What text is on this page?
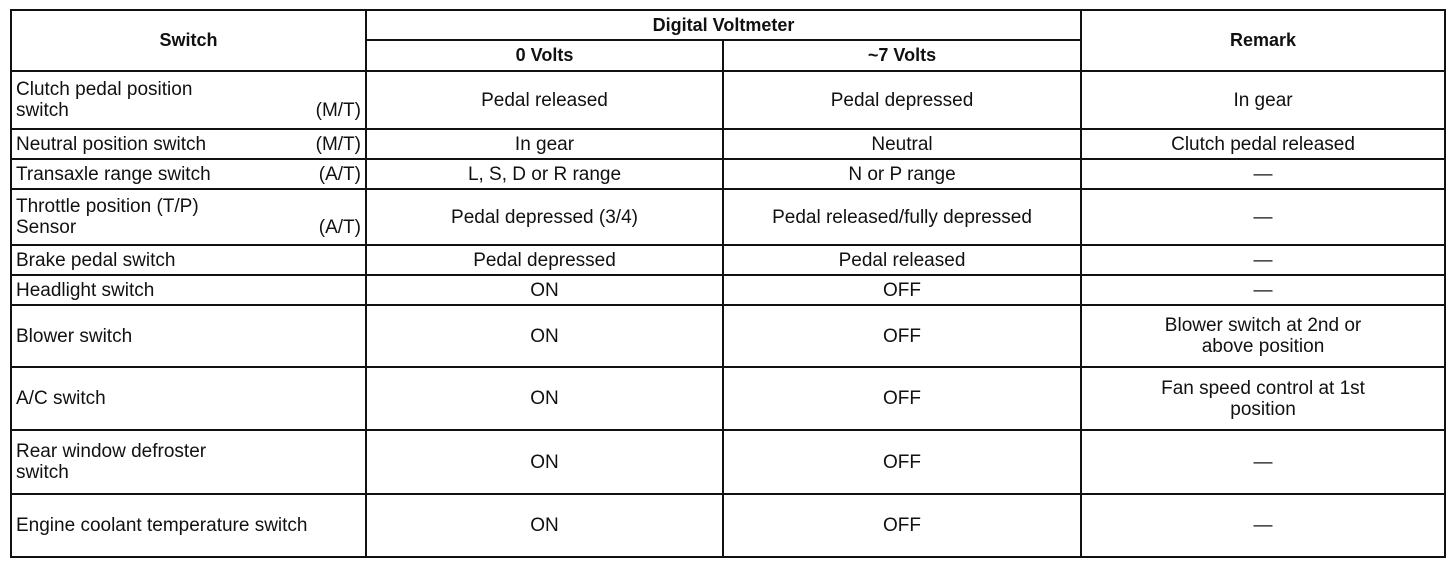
Switch	Digital Voltmeter		Remark
	0 Volts	~7 Volts	

Clutch pedal position switch (M/T)	Pedal released	Pedal depressed	In gear

Neutral position switch (M/T)	In gear	Neutral	Clutch pedal released

Transaxle range switch (A/T)	L, S, D or R range	N or P range	—

Throttle position (T/P) Sensor (A/T)	Pedal depressed (3/4)	Pedal released/fully depressed	—

Brake pedal switch	Pedal depressed	Pedal released	—

Headlight switch	ON	OFF	—

Blower switch	ON	OFF	Blower switch at 2nd or above position

A/C switch	ON	OFF	Fan speed control at 1st position

Rear window defroster switch	ON	OFF	—

Engine coolant temperature switch	ON	OFF	—
